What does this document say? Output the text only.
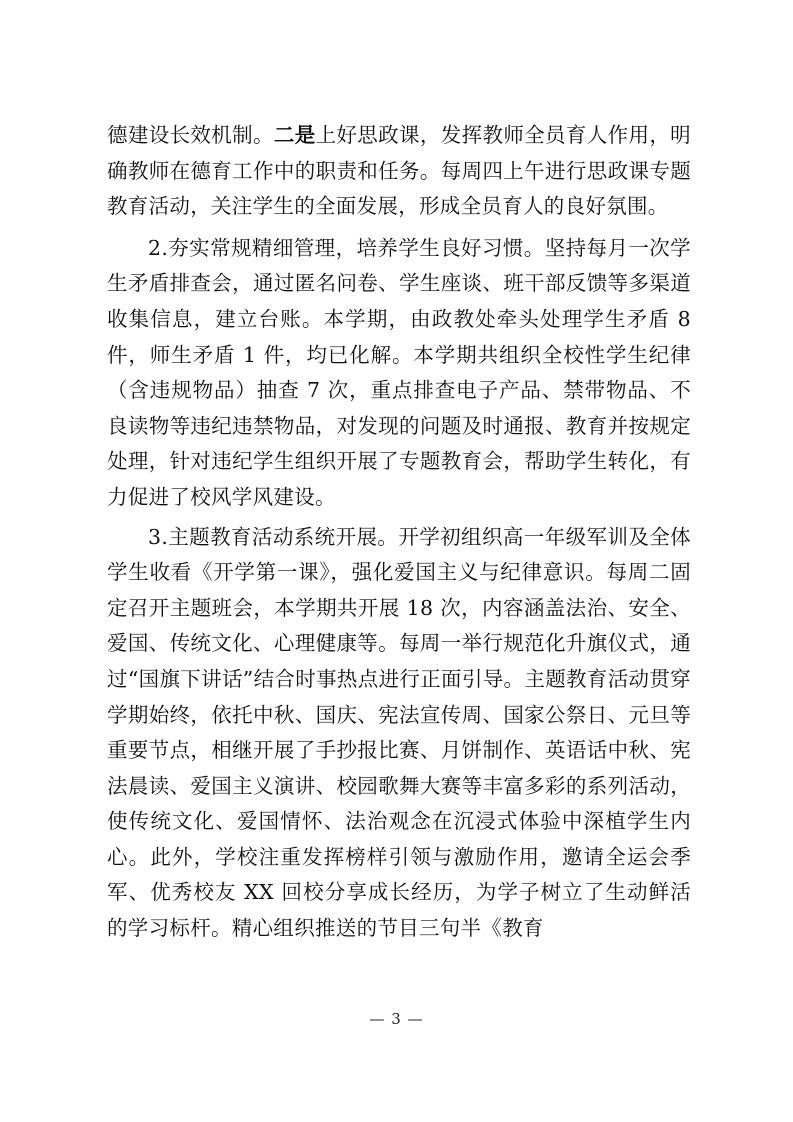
德建设长效机制。二是上好思政课，发挥教师全员育人作用，明确教师在德育工作中的职责和任务。每周四上午进行思政课专题教育活动，关注学生的全面发展，形成全员育人的良好氛围。

2.夯实常规精细管理，培养学生良好习惯。坚持每月一次学生矛盾排查会，通过匿名问卷、学生座谈、班干部反馈等多渠道收集信息，建立台账。本学期，由政教处牵头处理学生矛盾 8 件，师生矛盾 1 件，均已化解。本学期共组织全校性学生纪律（含违规物品）抽查 7 次，重点排查电子产品、禁带物品、不良读物等违纪违禁物品，对发现的问题及时通报、教育并按规定处理，针对违纪学生组织开展了专题教育会，帮助学生转化，有力促进了校风学风建设。

3.主题教育活动系统开展。开学初组织高一年级军训及全体学生收看《开学第一课》，强化爱国主义与纪律意识。每周二固定召开主题班会，本学期共开展 18 次，内容涵盖法治、安全、爱国、传统文化、心理健康等。每周一举行规范化升旗仪式，通过“国旗下讲话”结合时事热点进行正面引导。主题教育活动贯穿学期始终，依托中秋、国庆、宪法宣传周、国家公祭日、元旦等重要节点，相继开展了手抄报比赛、月饼制作、英语话中秋、宪法晨读、爱国主义演讲、校园歌舞大赛等丰富多彩的系列活动，使传统文化、爱国情怀、法治观念在沉浸式体验中深植学生内心。此外，学校注重发挥榜样引领与激励作用，邀请全运会季军、优秀校友 XX 回校分享成长经历，为学子树立了生动鲜活的学习标杆。精心组织推送的节目三句半《教育

— 3 —
